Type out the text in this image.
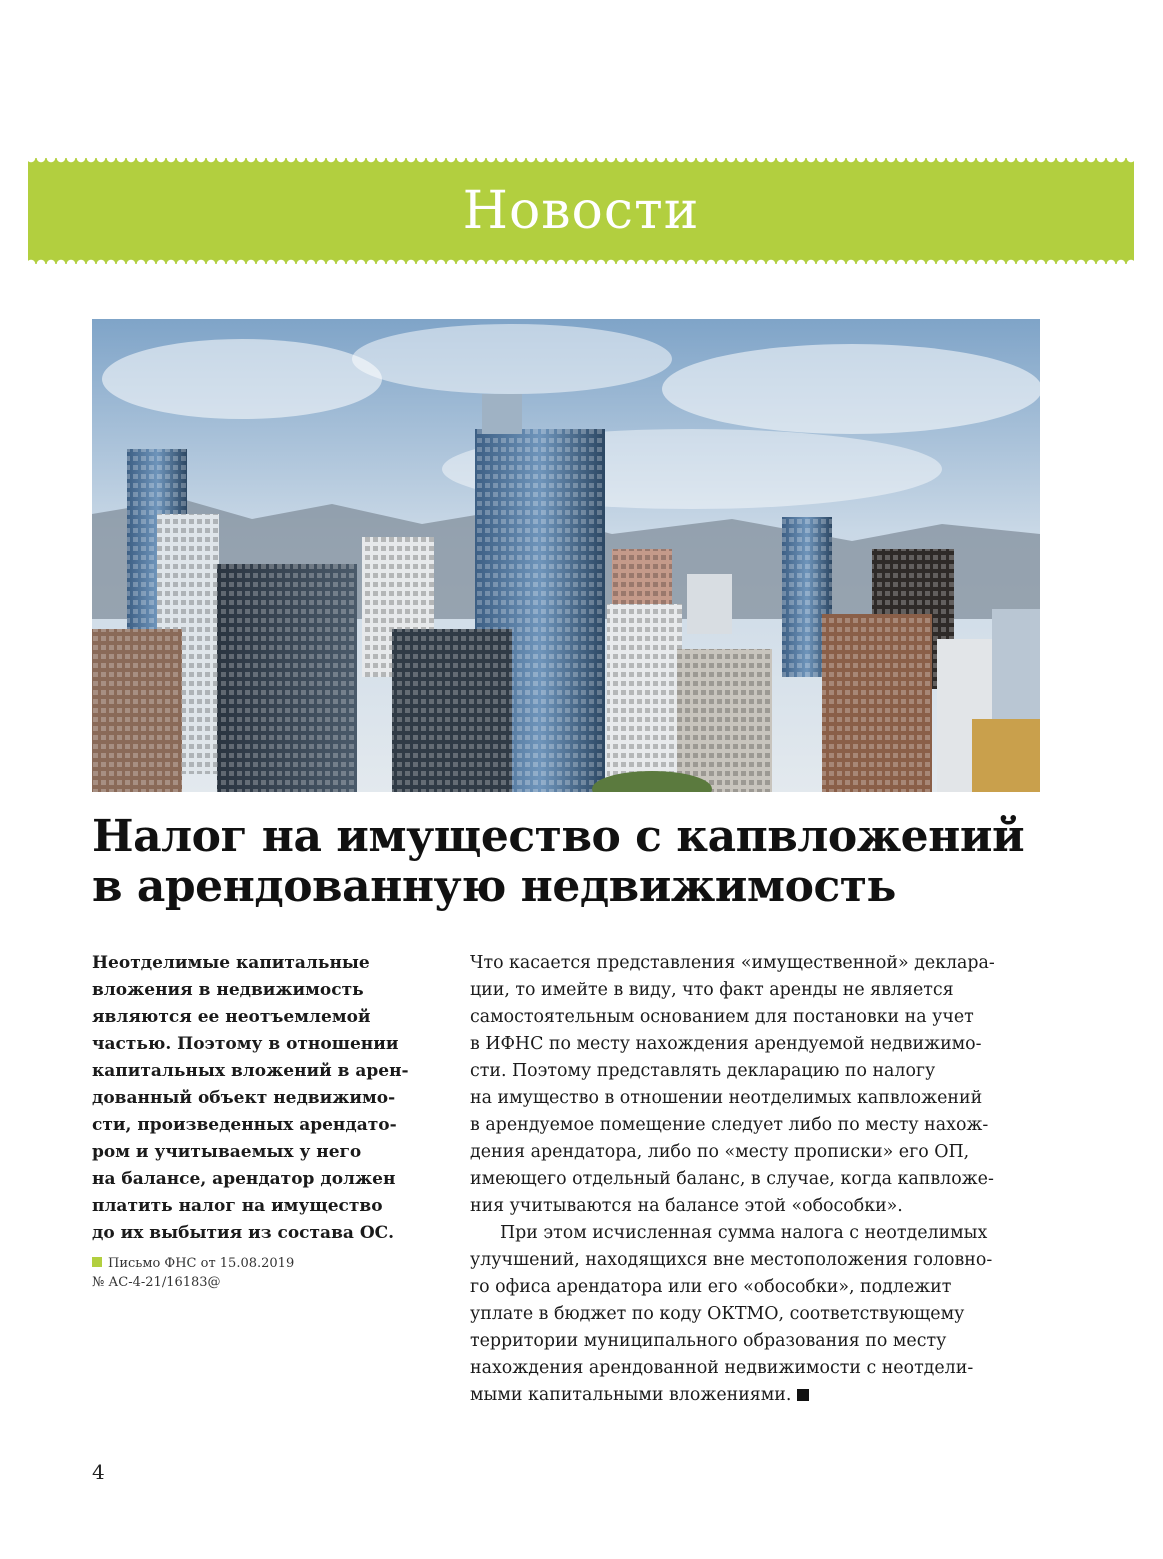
Новости
Налог на имущество с капвложений
в арендованную недвижимость
Неотделимые капитальные
вложения в недвижимость
являются ее неотъемлемой
частью. Поэтому в отношении
капитальных вложений в арен-
дованный объект недвижимо-
сти, произведенных арендато-
ром и учитываемых у него
на балансе, арендатор должен
платить налог на имущество
до их выбытия из состава ОС.
Письмо ФНС от 15.08.2019
№ АС-4-21/16183@
Что касается представления «имущественной» деклара-
ции, то имейте в виду, что факт аренды не является
самостоятельным основанием для постановки на учет
в ИФНС по месту нахождения арендуемой недвижимо-
сти. Поэтому представлять декларацию по налогу
на имущество в отношении неотделимых капвложений
в арендуемое помещение следует либо по месту нахож-
дения арендатора, либо по «месту прописки» его ОП,
имеющего отдельный баланс, в случае, когда капвложе-
ния учитываются на балансе этой «обособки».
При этом исчисленная сумма налога с неотделимых
улучшений, находящихся вне местоположения головно-
го офиса арендатора или его «обособки», подлежит
уплате в бюджет по коду ОКТМО, соответствующему
территории муниципального образования по месту
нахождения арендованной недвижимости с неотдели-
мыми капитальными вложениями.
4
